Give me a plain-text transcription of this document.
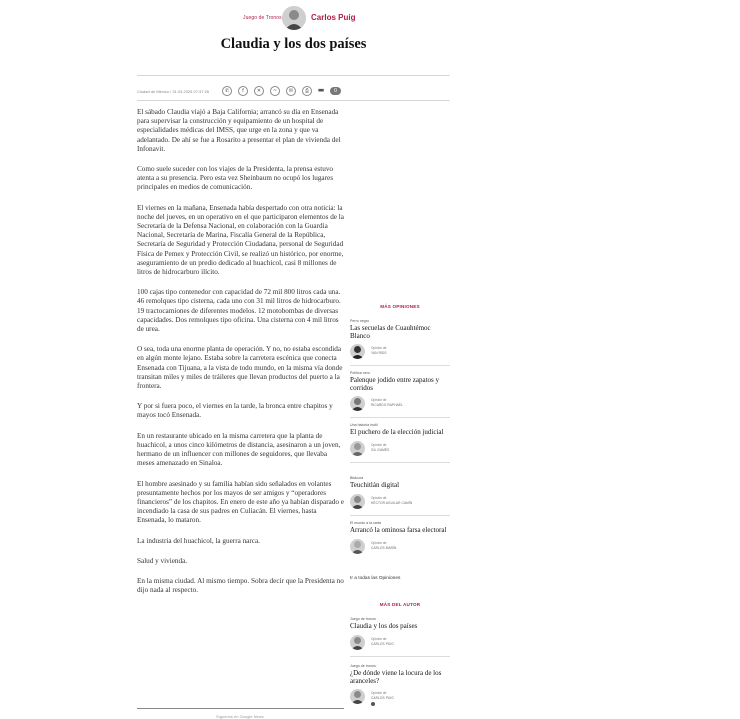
Juego de Tronos	Carlos Puig
Claudia y los dos países
Ciudad de México / 31.03.2025 07:37:26	✆	f	✕	~	✉	⎙	▬	0

El sábado Claudia viajó a Baja California; arrancó su día en Ensenada para supervisar la construcción y equipamiento de un hospital de especialidades médicas del IMSS, que urge en la zona y que va adelantado. De ahí se fue a Rosarito a presentar el plan de vivienda del Infonavit.

Como suele suceder con los viajes de la Presidenta, la prensa estuvo atenta a su presencia. Pero esta vez Sheinbaum no ocupó los lugares principales en medios de comunicación.

El viernes en la mañana, Ensenada había despertado con otra noticia: la noche del jueves, en un operativo en el que participaron elementos de la Secretaría de la Defensa Nacional, en colaboración con la Guardia Nacional, Secretaría de Marina, Fiscalía General de la República, Secretaría de Seguridad y Protección Ciudadana, personal de Seguridad Física de Pemex y Protección Civil, se realizó un histórico, por enorme, aseguramiento de un predio dedicado al huachicol, casi 8 millones de litros de hidrocarburo ilícito.

100 cajas tipo contenedor con capacidad de 72 mil 800 litros cada una. 46 remolques tipo cisterna, cada uno con 31 mil litros de hidrocarburo. 19 tractocamiones de diferentes modelos. 12 motobombas de diversas capacidades. Dos remolques tipo oficina. Una cisterna con 4 mil litros de urea.

O sea, toda una enorme planta de operación. Y no, no estaba escondida en algún monte lejano. Estaba sobre la carretera escénica que conecta Ensenada con Tijuana, a la vista de todo mundo, en la misma vía donde transitan miles y miles de tráileres que llevan productos del puerto a la frontera.

Y por si fuera poco, el viernes en la tarde, la bronca entre chapitos y mayos tocó Ensenada.

En un restaurante ubicado en la misma carretera que la planta de huachicol, a unos cinco kilómetros de distancia, asesinaron a un joven, hermano de un influencer con millones de seguidores, que llevaba meses amenazado en Sinaloa.

El hombre asesinado y su familia habían sido señalados en volantes presuntamente hechos por los mayos de ser amigos y “operadores financieros” de los chapitos. En enero de este año ya habían disparado e incendiado la casa de sus padres en Culiacán. El viernes, hasta Ensenada, lo mataron.

La industria del huachicol, la guerra narca.

Salud y vivienda.

En la misma ciudad. Al mismo tiempo. Sobra decir que la Presidenta no dijo nada al respecto.

Síguenos en Google News
MÁS OPINIONES
Perro negro
Las secuelas de Cuauhtémoc Blanco
Opinión de
YAN RIDS
Política cero
Palenque jodido entre zapatos y corridos
Opinión de
RICARDO RAPHAEL
Una historia inútil
El puchero de la elección judicial
Opinión de
GIL GAMÉS
Bitácora
Teuchitlán digital
Opinión de
HÉCTOR AGUILAR CAMÍN
El mundo a la carta
Arrancó la ominosa farsa electoral
Opinión de
CARLOS MARÍN
Ir a todas las Opiniones
MÁS DEL AUTOR
Juego de tronos
Claudia y los dos países
Opinión de
CARLOS PUIG
Juego de tronos
¿De dónde viene la locura de los aranceles?
Opinión de
CARLOS PUIG
